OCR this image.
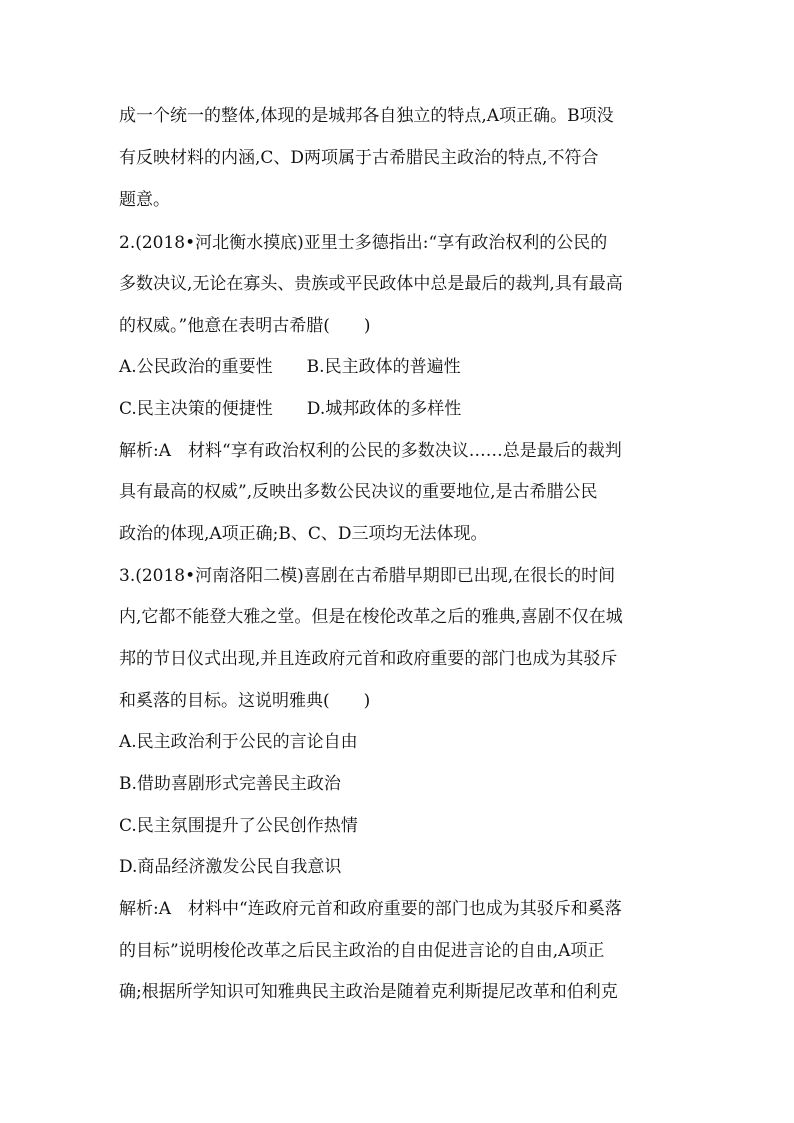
成一个统一的整体,体现的是城邦各自独立的特点,A项正确。B项没
有反映材料的内涵,C、D两项属于古希腊民主政治的特点,不符合
题意。
2.(2018•河北衡水摸底)亚里士多德指出:“享有政治权利的公民的
多数决议,无论在寡头、贵族或平民政体中总是最后的裁判,具有最高
的权威。”他意在表明古希腊(　　)
A.公民政治的重要性　　B.民主政体的普遍性
C.民主决策的便捷性　　D.城邦政体的多样性
解析:A　材料“享有政治权利的公民的多数决议……总是最后的裁判
具有最高的权威”,反映出多数公民决议的重要地位,是古希腊公民
政治的体现,A项正确;B、C、D三项均无法体现。
3.(2018•河南洛阳二模)喜剧在古希腊早期即已出现,在很长的时间
内,它都不能登大雅之堂。但是在梭伦改革之后的雅典,喜剧不仅在城
邦的节日仪式出现,并且连政府元首和政府重要的部门也成为其驳斥
和奚落的目标。这说明雅典(　　)
A.民主政治利于公民的言论自由
B.借助喜剧形式完善民主政治
C.民主氛围提升了公民创作热情
D.商品经济激发公民自我意识
解析:A　材料中“连政府元首和政府重要的部门也成为其驳斥和奚落
的目标”说明梭伦改革之后民主政治的自由促进言论的自由,A项正
确;根据所学知识可知雅典民主政治是随着克利斯提尼改革和伯利克
